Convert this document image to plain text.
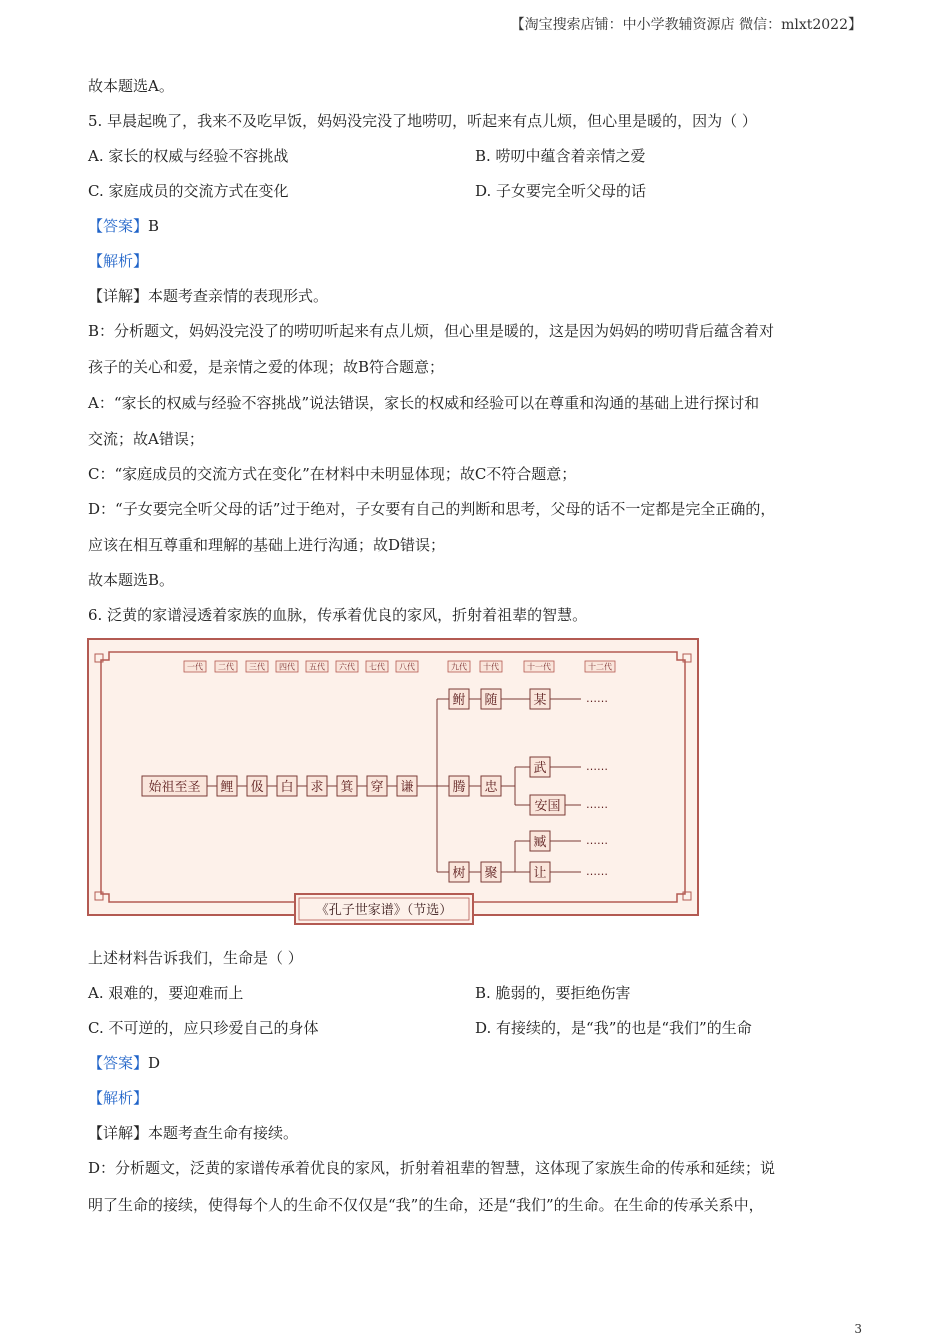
【淘宝搜索店铺：中小学教辅资源店 微信：mlxt2022】
故本题选A。
5. 早晨起晚了，我来不及吃早饭，妈妈没完没了地唠叨，听起来有点儿烦，但心里是暖的，因为（ ）
A. 家长的权威与经验不容挑战	B. 唠叨中蕴含着亲情之爱
C. 家庭成员的交流方式在变化	D. 子女要完全听父母的话
【答案】B
【解析】
【详解】本题考查亲情的表现形式。
B：分析题文，妈妈没完没了的唠叨听起来有点儿烦，但心里是暖的，这是因为妈妈的唠叨背后蕴含着对
孩子的关心和爱，是亲情之爱的体现；故B符合题意；
A：“家长的权威与经验不容挑战”说法错误，家长的权威和经验可以在尊重和沟通的基础上进行探讨和
交流；故A错误；
C：“家庭成员的交流方式在变化”在材料中未明显体现；故C不符合题意；
D：“子女要完全听父母的话”过于绝对，子女要有自己的判断和思考，父母的话不一定都是完全正确的，
应该在相互尊重和理解的基础上进行沟通；故D错误；
故本题选B。
6. 泛黄的家谱浸透着家族的血脉，传承着优良的家风，折射着祖辈的智慧。
一代 二代 三代 四代 五代 六代 七代 八代	九代 十代	十一代	十二代
始祖至圣 鲤 伋 白 求 箕 穿 谦
鲋 随	某	……
腾 忠
武
安国
……
……
树 聚
臧
让
……
……
《孔子世家谱》（节选）
上述材料告诉我们，生命是（ ）
A. 艰难的，要迎难而上	B. 脆弱的，要拒绝伤害
C. 不可逆的，应只珍爱自己的身体	D. 有接续的，是“我”的也是“我们”的生命
【答案】D
【解析】
【详解】本题考查生命有接续。
D：分析题文，泛黄的家谱传承着优良的家风，折射着祖辈的智慧，这体现了家族生命的传承和延续；说
明了生命的接续，使得每个人的生命不仅仅是“我”的生命，还是“我们”的生命。在生命的传承关系中，
3
